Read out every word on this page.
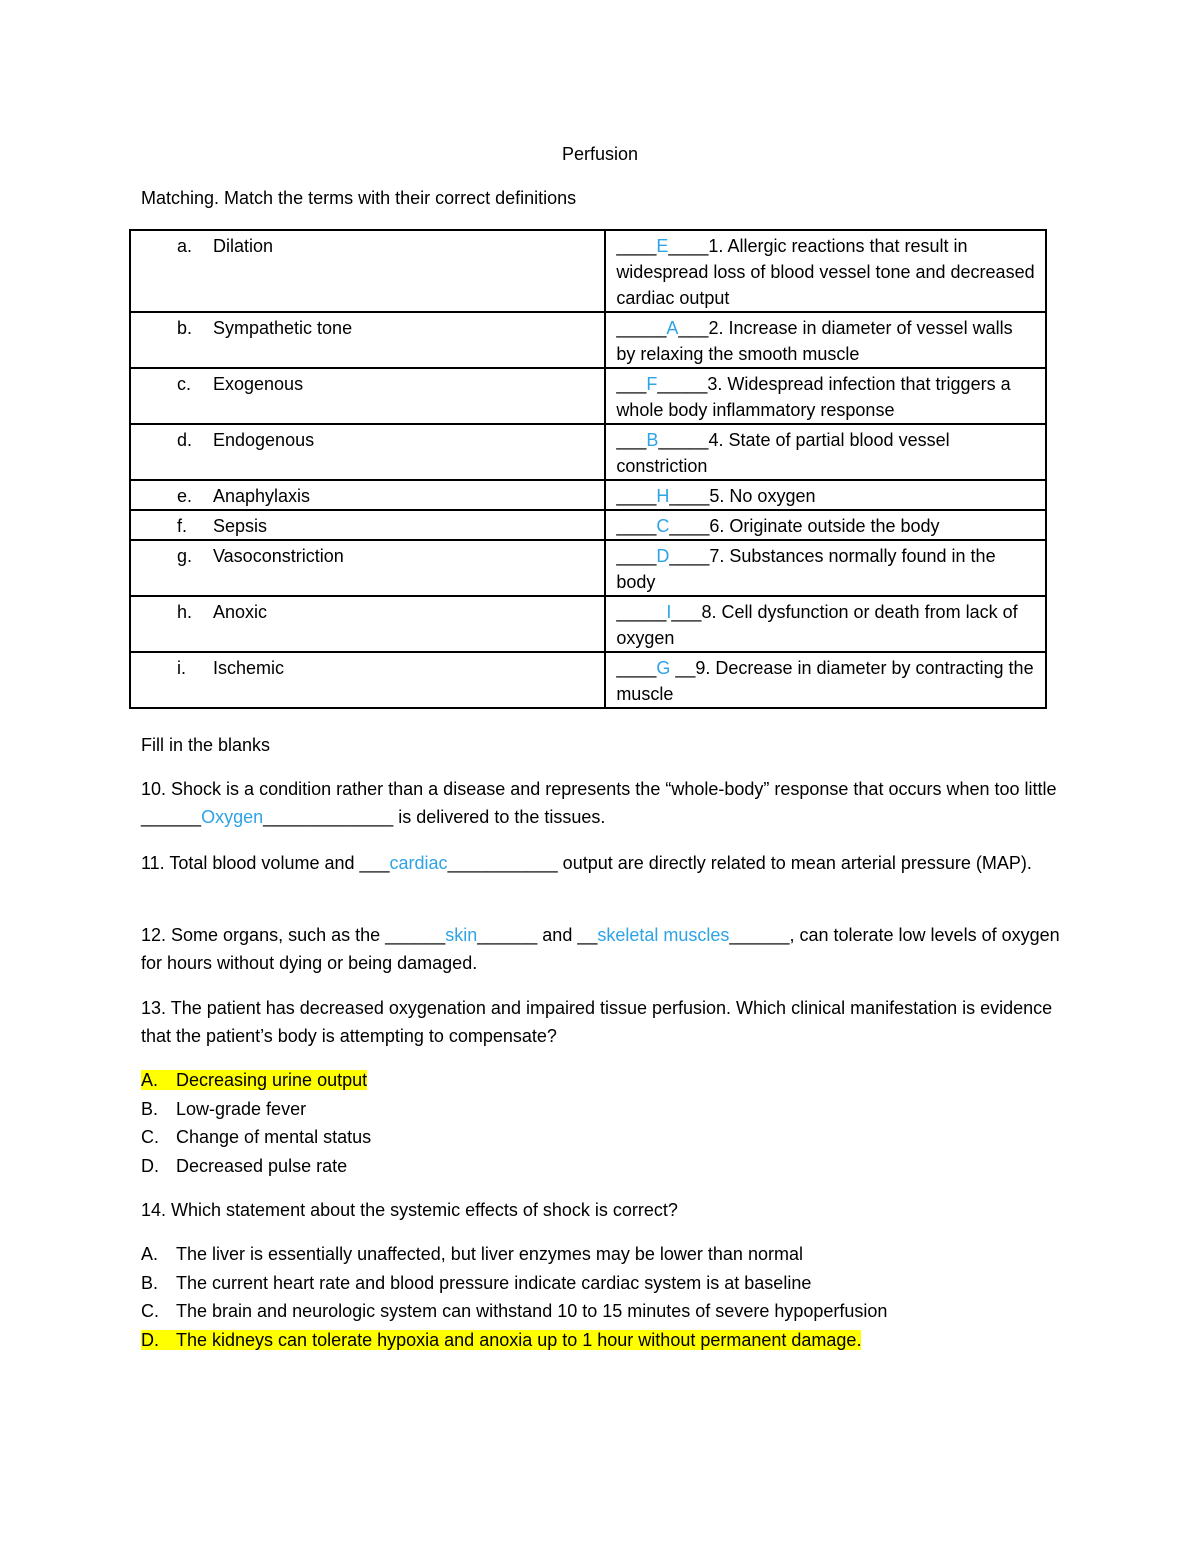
Perfusion
Matching. Match the terms with their correct definitions
a. Dilation	____E____1. Allergic reactions that result in widespread loss of blood vessel tone and decreased cardiac output
b. Sympathetic tone	_____A___2. Increase in diameter of vessel walls by relaxing the smooth muscle
c. Exogenous	___F_____3. Widespread infection that triggers a whole body inflammatory response
d. Endogenous	___B_____4. State of partial blood vessel constriction
e. Anaphylaxis	____H____5. No oxygen
f. Sepsis	____C____6. Originate outside the body
g. Vasoconstriction	____D____7. Substances normally found in the body
h. Anoxic	_____I___8. Cell dysfunction or death from lack of oxygen
i. Ischemic	____G __9. Decrease in diameter by contracting the muscle
Fill in the blanks
10. Shock is a condition rather than a disease and represents the “whole-body” response that occurs when too little ______Oxygen_____________ is delivered to the tissues.
11. Total blood volume and ___cardiac___________ output are directly related to mean arterial pressure (MAP).
12. Some organs, such as the ______skin______ and __skeletal muscles______, can tolerate low levels of oxygen for hours without dying or being damaged.
13. The patient has decreased oxygenation and impaired tissue perfusion. Which clinical manifestation is evidence that the patient’s body is attempting to compensate?
A. Decreasing urine output
B. Low-grade fever
C. Change of mental status
D. Decreased pulse rate
14. Which statement about the systemic effects of shock is correct?
A. The liver is essentially unaffected, but liver enzymes may be lower than normal
B. The current heart rate and blood pressure indicate cardiac system is at baseline
C. The brain and neurologic system can withstand 10 to 15 minutes of severe hypoperfusion
D. The kidneys can tolerate hypoxia and anoxia up to 1 hour without permanent damage.
